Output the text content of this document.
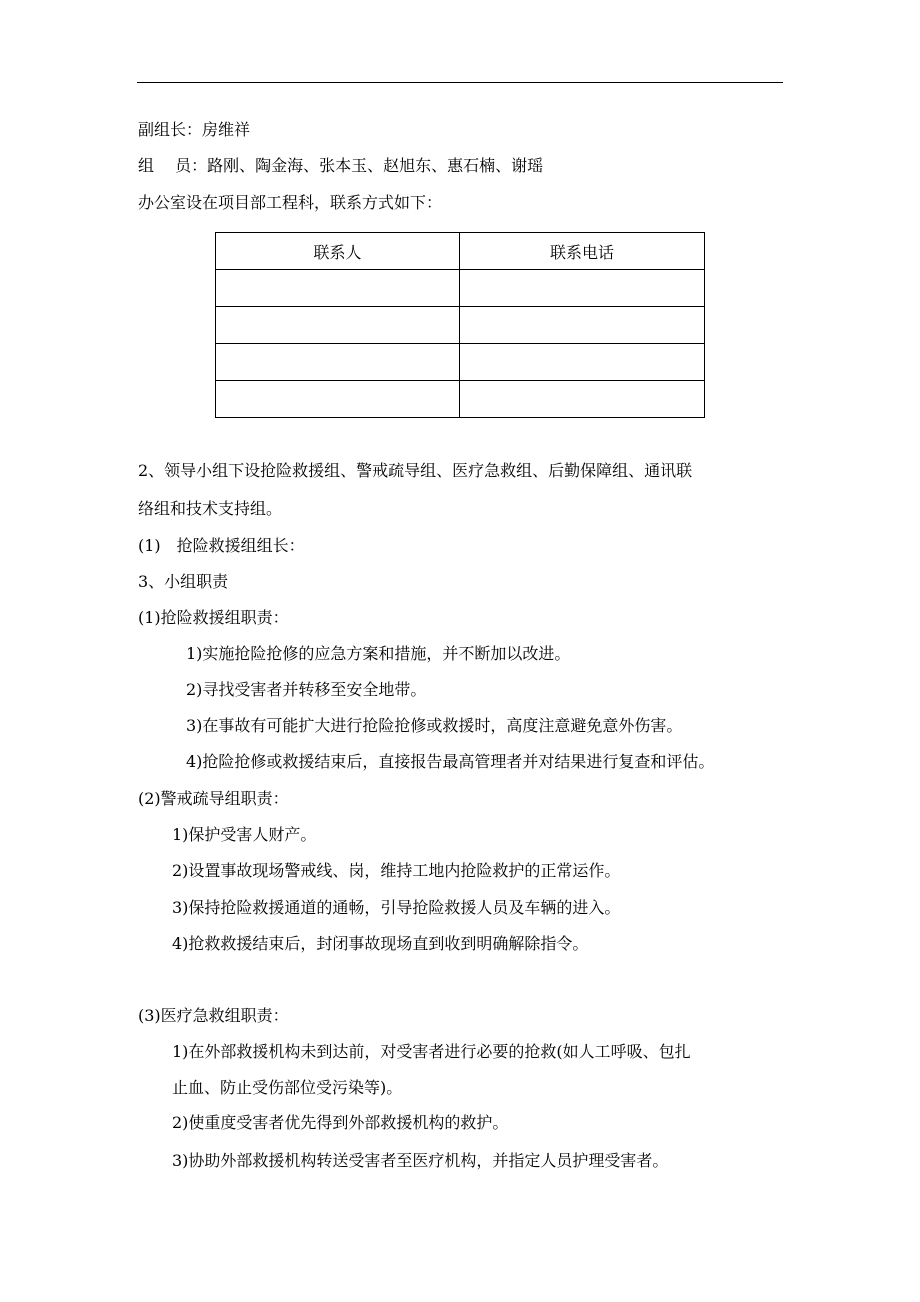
副组长：房维祥
组　 员：路刚、陶金海、张本玉、赵旭东、惠石楠、谢瑶
办公室设在项目部工程科，联系方式如下：
联系人	联系电话

2、领导小组下设抢险救援组、警戒疏导组、医疗急救组、后勤保障组、通讯联
络组和技术支持组。
(1)　抢险救援组组长：
3、小组职责
(1)抢险救援组职责：
1)实施抢险抢修的应急方案和措施，并不断加以改进。
2)寻找受害者并转移至安全地带。
3)在事故有可能扩大进行抢险抢修或救援时，高度注意避免意外伤害。
4)抢险抢修或救援结束后，直接报告最高管理者并对结果进行复查和评估。
(2)警戒疏导组职责：
1)保护受害人财产。
2)设置事故现场警戒线、岗，维持工地内抢险救护的正常运作。
3)保持抢险救援通道的通畅，引导抢险救援人员及车辆的进入。
4)抢救救援结束后，封闭事故现场直到收到明确解除指令。
(3)医疗急救组职责：
1)在外部救援机构未到达前，对受害者进行必要的抢救(如人工呼吸、包扎
止血、防止受伤部位受污染等)。
2)使重度受害者优先得到外部救援机构的救护。
3)协助外部救援机构转送受害者至医疗机构，并指定人员护理受害者。
